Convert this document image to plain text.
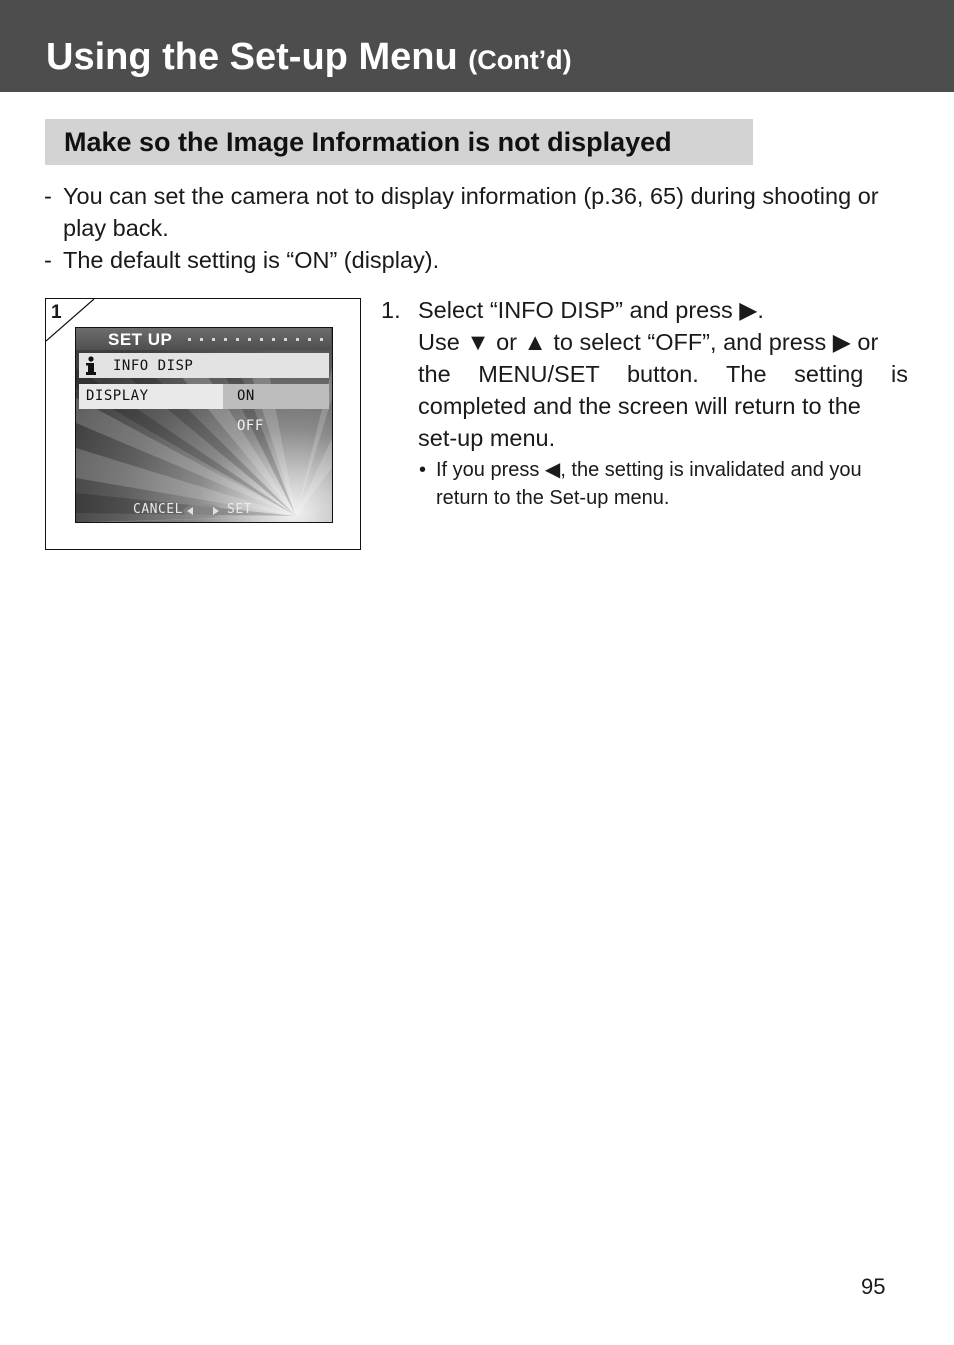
Using the Set-up Menu (Cont’d)
Make so the Image Information is not displayed
- You can set the camera not to display information (p.36, 65) during shooting or play back.
- The default setting is “ON” (display).
1
SET UP
INFO DISP
DISPLAY	ON
OFF
CANCEL	SET
1. Select “INFO DISP” and press ▶.
Use ▼ or ▲ to select “OFF”, and press ▶ or
the MENU/SET button. The setting is
completed and the screen will return to the
set-up menu.
• If you press ◀, the setting is invalidated and you return to the Set-up menu.
95
